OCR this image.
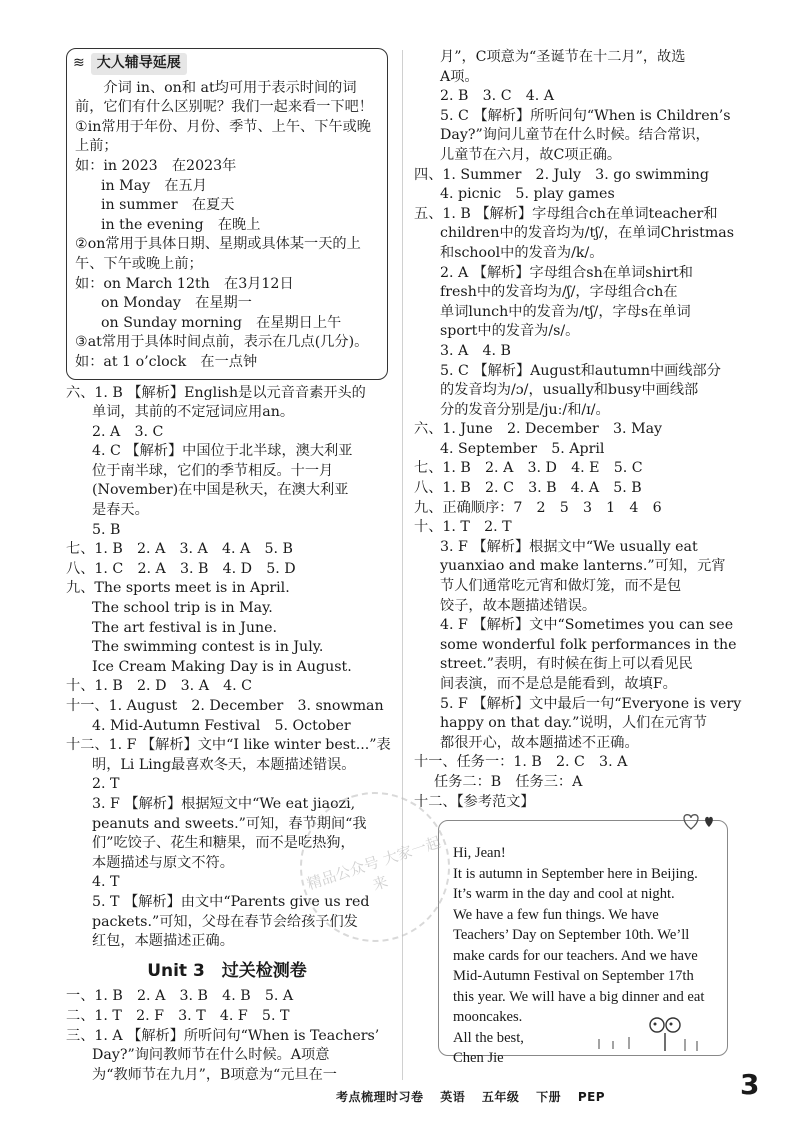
≋ 大人辅导延展
介词 in、on和 at均可用于表示时间的词前，它们有什么区别呢？我们一起来看一下吧！
①in常用于年份、月份、季节、上午、下午或晚上前；
如：in 2023　在2023年
in May　在五月
in summer　在夏天
in the evening　在晚上
②on常用于具体日期、星期或具体某一天的上午、下午或晚上前；
如：on March 12th　在3月12日
on Monday　在星期一
on Sunday morning　在星期日上午
③at常用于具体时间点前，表示在几点(几分)。
如：at 1 o’clock　在一点钟
六、1. B 【解析】English是以元音音素开头的
单词，其前的不定冠词应用an。
2. A　3. C
4. C 【解析】中国位于北半球，澳大利亚
位于南半球，它们的季节相反。十一月
(November)在中国是秋天，在澳大利亚
是春天。
5. B
七、1. B　2. A　3. A　4. A　5. B
八、1. C　2. A　3. B　4. D　5. D
九、The sports meet is in April.
The school trip is in May.
The art festival is in June.
The swimming contest is in July.
Ice Cream Making Day is in August.
十、1. B　2. D　3. A　4. C
十一、1. August　2. December　3. snowman
4. Mid-Autumn Festival　5. October
十二、1. F 【解析】文中“I like winter best...”表
明，Li Ling最喜欢冬天，本题描述错误。
2. T
3. F 【解析】根据短文中“We eat jiaozi,
peanuts and sweets.”可知，春节期间“我
们”吃饺子、花生和糖果，而不是吃热狗，
本题描述与原文不符。
4. T
5. T 【解析】由文中“Parents give us red
packets.”可知，父母在春节会给孩子们发
红包，本题描述正确。
Unit 3　过关检测卷
一、1. B　2. A　3. B　4. B　5. A
二、1. T　2. F　3. T　4. F　5. T
三、1. A 【解析】所听问句“When is Teachers’
Day?”询问教师节在什么时候。A项意
为“教师节在九月”，B项意为“元旦在一
月”，C项意为“圣诞节在十二月”，故选
A项。
2. B　3. C　4. A
5. C 【解析】所听问句“When is Children’s
Day?”询问儿童节在什么时候。结合常识，
儿童节在六月，故C项正确。
四、1. Summer　2. July　3. go swimming
4. picnic　5. play games
五、1. B 【解析】字母组合ch在单词teacher和
children中的发音均为/tʃ/，在单词Christmas
和school中的发音为/k/。
2. A 【解析】字母组合sh在单词shirt和
fresh中的发音均为/ʃ/，字母组合ch在
单词lunch中的发音为/tʃ/，字母s在单词
sport中的发音为/s/。
3. A　4. B
5. C 【解析】August和autumn中画线部分
的发音均为/ɔ/，usually和busy中画线部
分的发音分别是/juː/和/ɪ/。
六、1. June　2. December　3. May
4. September　5. April
七、1. B　2. A　3. D　4. E　5. C
八、1. B　2. C　3. B　4. A　5. B
九、正确顺序：7　2　5　3　1　4　6
十、1. T　2. T
3. F 【解析】根据文中“We usually eat
yuanxiao and make lanterns.”可知，元宵
节人们通常吃元宵和做灯笼，而不是包
饺子，故本题描述错误。
4. F 【解析】文中“Sometimes you can see
some wonderful folk performances in the
street.”表明，有时候在街上可以看见民
间表演，而不是总是能看到，故填F。
5. F 【解析】文中最后一句“Everyone is very
happy on that day.”说明，人们在元宵节
都很开心，故本题描述不正确。
十一、任务一：1. B　2. C　3. A
任务二：B　任务三：A
十二、【参考范文】
Hi, Jean!
It is autumn in September here in Beijing.
It’s warm in the day and cool at night.
We have a few fun things. We have Teachers’ Day on September 10th. We’ll make cards for our teachers. And we have Mid-Autumn Festival on September 17th this year. We will have a big dinner and eat mooncakes.
All the best,
Chen Jie
精品公众号 大家一起来
考点梳理时习卷 英语 五年级 下册 PEP	3
